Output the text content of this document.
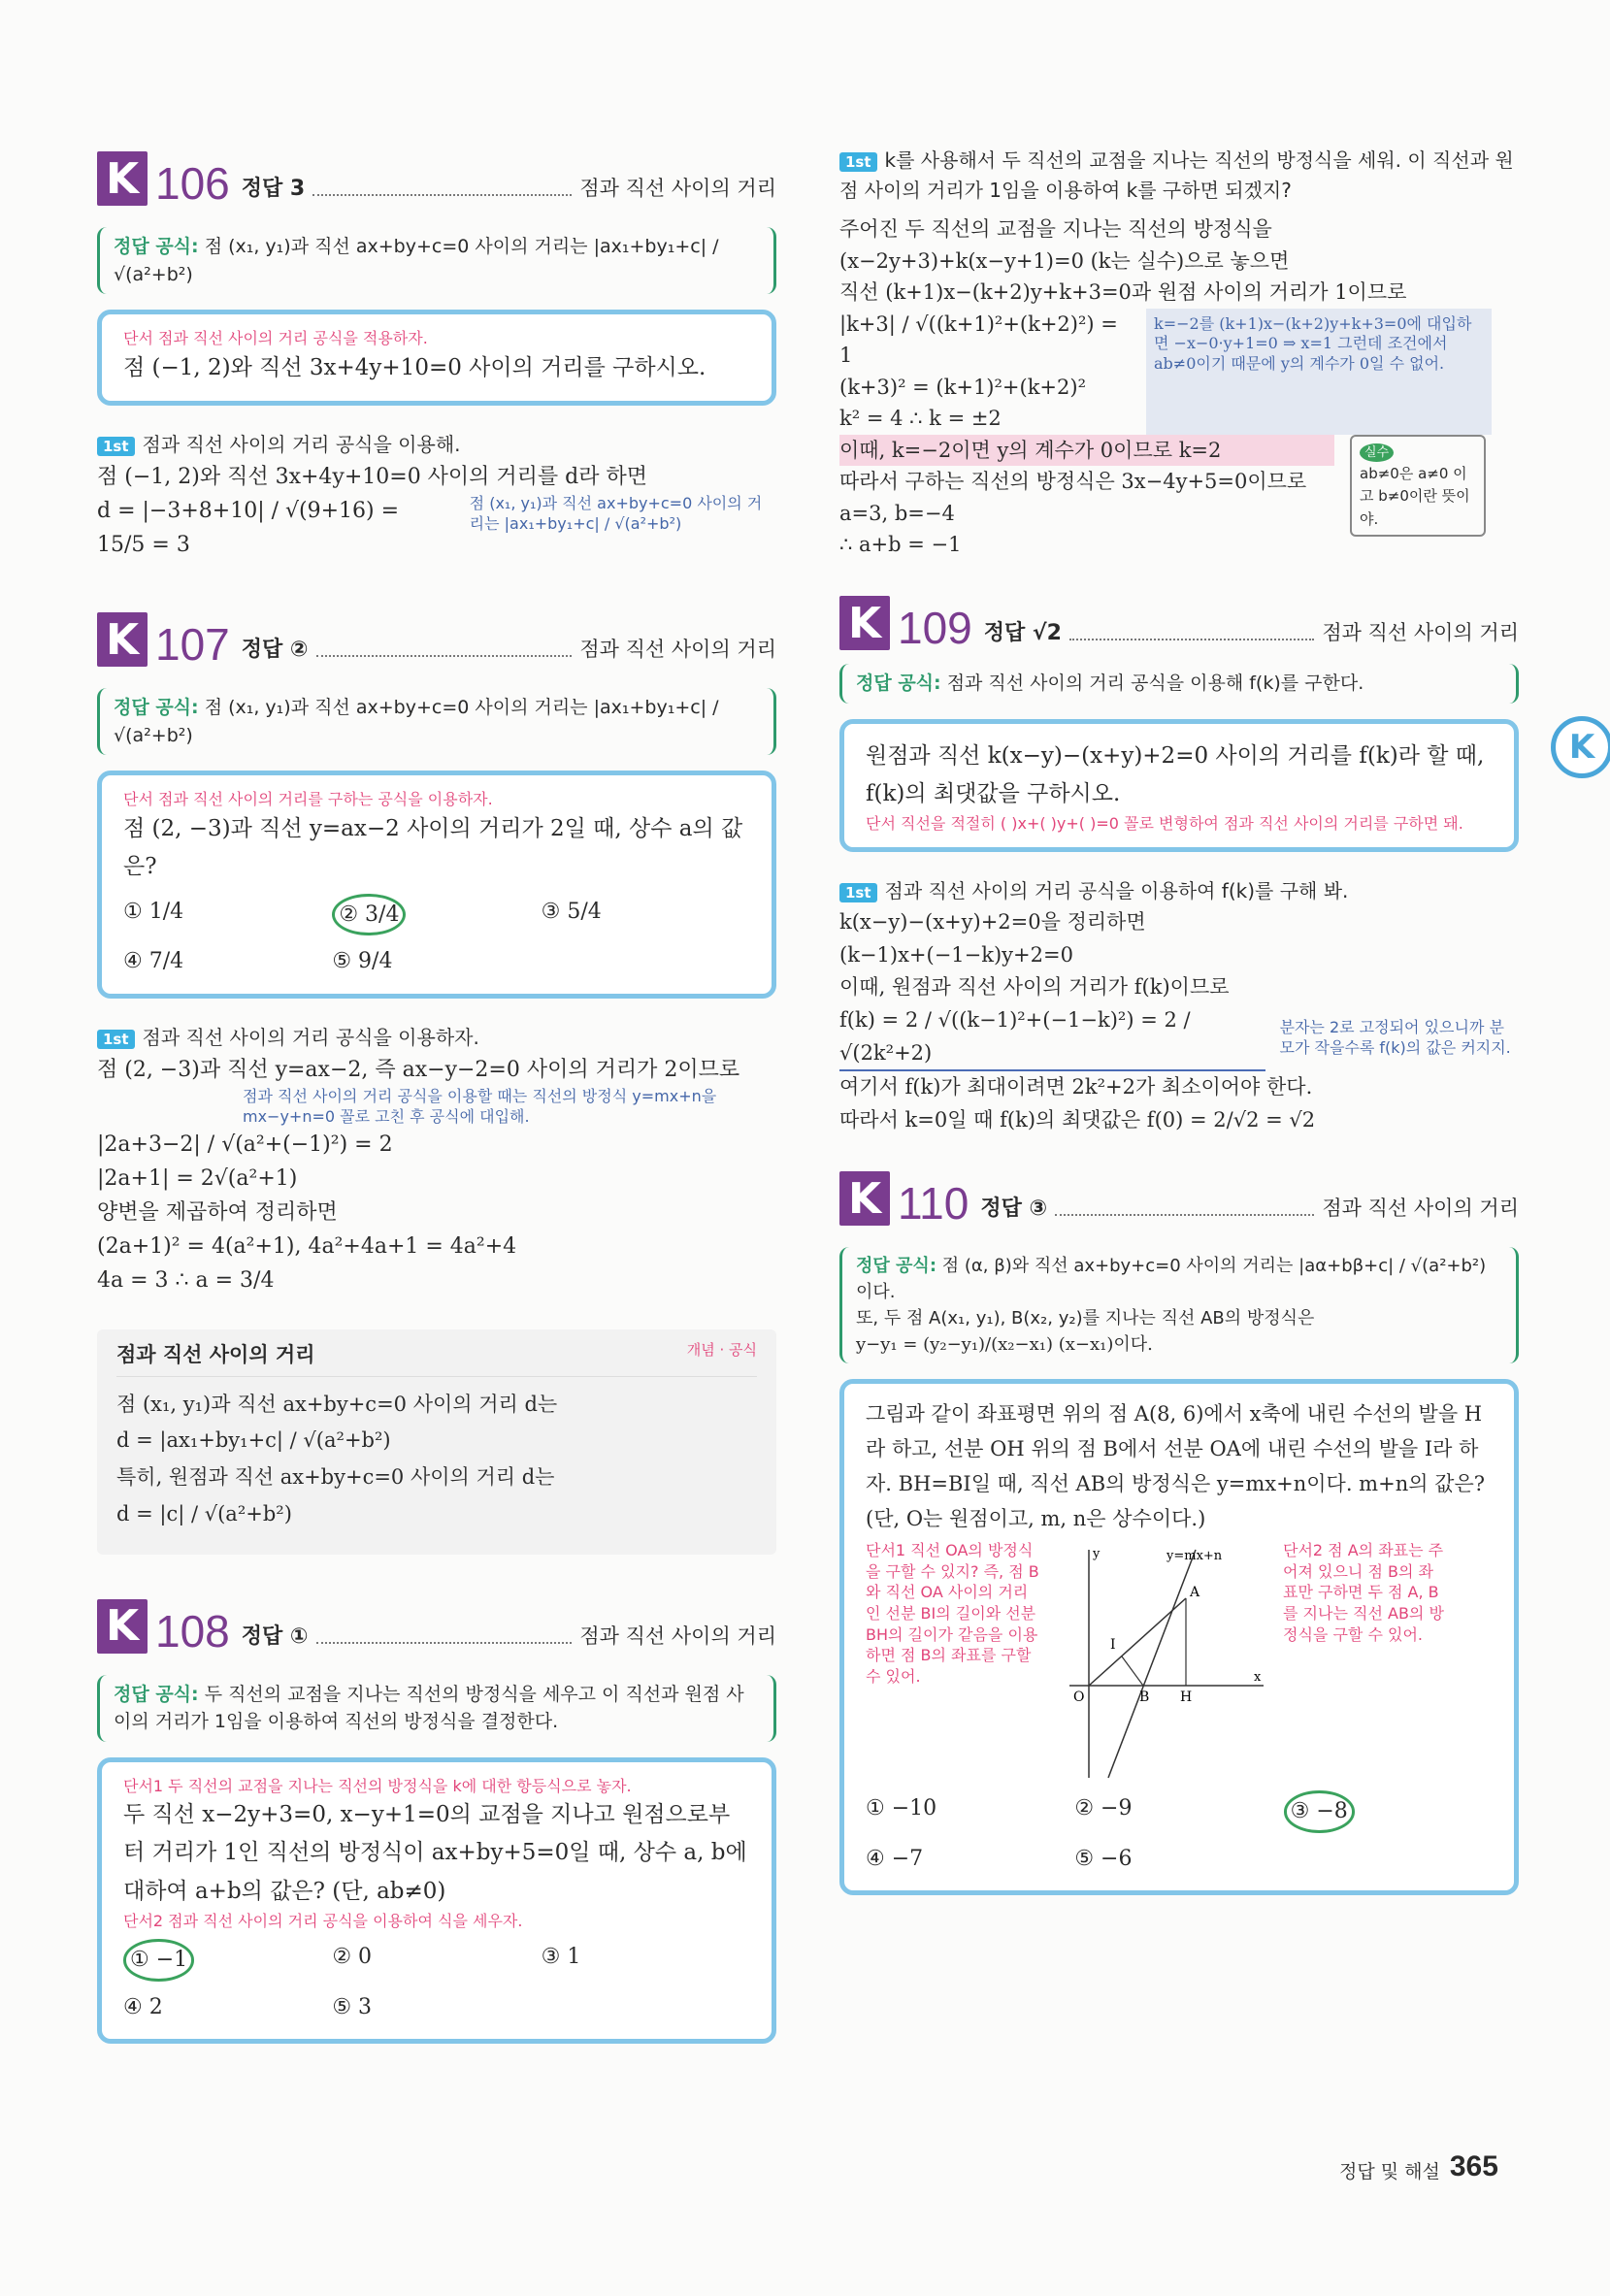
K 106 정답 3	점과 직선 사이의 거리
정답 공식: 점 (x₁, y₁)과 직선 ax+by+c=0 사이의 거리는 |ax₁+by₁+c| / √(a²+b²)
단서 점과 직선 사이의 거리 공식을 적용하자.
점 (−1, 2)와 직선 3x+4y+10=0 사이의 거리를 구하시오.
1st 점과 직선 사이의 거리 공식을 이용해.
점 (−1, 2)와 직선 3x+4y+10=0 사이의 거리를 d라 하면
d = |−3+8+10| / √(9+16) = 15/5 = 3
점 (x₁, y₁)과 직선 ax+by+c=0 사이의 거리는 |ax₁+by₁+c| / √(a²+b²)
K 107 정답 ②	점과 직선 사이의 거리
정답 공식: 점 (x₁, y₁)과 직선 ax+by+c=0 사이의 거리는 |ax₁+by₁+c| / √(a²+b²)
단서 점과 직선 사이의 거리를 구하는 공식을 이용하자.
점 (2, −3)과 직선 y=ax−2 사이의 거리가 2일 때, 상수 a의 값은?
① 1/4	② 3/4	③ 5/4
④ 7/4	⑤ 9/4
1st 점과 직선 사이의 거리 공식을 이용하자.
점 (2, −3)과 직선 y=ax−2, 즉 ax−y−2=0 사이의 거리가 2이므로
점과 직선 사이의 거리 공식을 이용할 때는 직선의 방정식 y=mx+n을 mx−y+n=0 꼴로 고친 후 공식에 대입해.
|2a+3−2| / √(a²+(−1)²) = 2
|2a+1| = 2√(a²+1)
양변을 제곱하여 정리하면
(2a+1)² = 4(a²+1), 4a²+4a+1 = 4a²+4
4a = 3 ∴ a = 3/4
점과 직선 사이의 거리	개념 · 공식
점 (x₁, y₁)과 직선 ax+by+c=0 사이의 거리 d는
d = |ax₁+by₁+c| / √(a²+b²)
특히, 원점과 직선 ax+by+c=0 사이의 거리 d는
d = |c| / √(a²+b²)
K 108 정답 ①	점과 직선 사이의 거리
정답 공식: 두 직선의 교점을 지나는 직선의 방정식을 세우고 이 직선과 원점 사이의 거리가 1임을 이용하여 직선의 방정식을 결정한다.
단서1 두 직선의 교점을 지나는 직선의 방정식을 k에 대한 항등식으로 놓자.
두 직선 x−2y+3=0, x−y+1=0의 교점을 지나고 원점으로부터 거리가 1인 직선의 방정식이 ax+by+5=0일 때, 상수 a, b에 대하여 a+b의 값은? (단, ab≠0)
단서2 점과 직선 사이의 거리 공식을 이용하여 식을 세우자.
① −1	② 0	③ 1
④ 2	⑤ 3
1st k를 사용해서 두 직선의 교점을 지나는 직선의 방정식을 세워. 이 직선과 원점 사이의 거리가 1임을 이용하여 k를 구하면 되겠지?
주어진 두 직선의 교점을 지나는 직선의 방정식을
(x−2y+3)+k(x−y+1)=0 (k는 실수)으로 놓으면
직선 (k+1)x−(k+2)y+k+3=0과 원점 사이의 거리가 1이므로
|k+3| / √((k+1)²+(k+2)²) = 1
(k+3)² = (k+1)²+(k+2)²
k² = 4 ∴ k = ±2
k=−2를 (k+1)x−(k+2)y+k+3=0에 대입하면 −x−0·y+1=0 ⇒ x=1 그런데 조건에서 ab≠0이기 때문에 y의 계수가 0일 수 없어.
이때, k=−2이면 y의 계수가 0이므로 k=2
따라서 구하는 직선의 방정식은 3x−4y+5=0이므로
a=3, b=−4
∴ a+b = −1
실수
ab≠0은 a≠0 이고 b≠0이란 뜻이야.
K 109 정답 √2	점과 직선 사이의 거리
정답 공식: 점과 직선 사이의 거리 공식을 이용해 f(k)를 구한다.
원점과 직선 k(x−y)−(x+y)+2=0 사이의 거리를 f(k)라 할 때, f(k)의 최댓값을 구하시오.
단서 직선을 적절히 ( )x+( )y+( )=0 꼴로 변형하여 점과 직선 사이의 거리를 구하면 돼.
1st 점과 직선 사이의 거리 공식을 이용하여 f(k)를 구해 봐.
k(x−y)−(x+y)+2=0을 정리하면
(k−1)x+(−1−k)y+2=0
이때, 원점과 직선 사이의 거리가 f(k)이므로
f(k) = 2 / √((k−1)²+(−1−k)²) = 2 / √(2k²+2)
분자는 2로 고정되어 있으니까 분모가 작을수록 f(k)의 값은 커지지.
여기서 f(k)가 최대이려면 2k²+2가 최소이어야 한다.
따라서 k=0일 때 f(k)의 최댓값은 f(0) = 2/√2 = √2
K 110 정답 ③	점과 직선 사이의 거리
정답 공식: 점 (α, β)와 직선 ax+by+c=0 사이의 거리는 |aα+bβ+c| / √(a²+b²) 이다.
또, 두 점 A(x₁, y₁), B(x₂, y₂)를 지나는 직선 AB의 방정식은
y−y₁ = (y₂−y₁)/(x₂−x₁) (x−x₁)이다.
그림과 같이 좌표평면 위의 점 A(8, 6)에서 x축에 내린 수선의 발을 H라 하고, 선분 OH 위의 점 B에서 선분 OA에 내린 수선의 발을 I라 하자. BH=BI일 때, 직선 AB의 방정식은 y=mx+n이다. m+n의 값은? (단, O는 원점이고, m, n은 상수이다.)
단서1 직선 OA의 방정식을 구할 수 있지? 즉, 점 B와 직선 OA 사이의 거리인 선분 BI의 길이와 선분 BH의 길이가 같음을 이용하면 점 B의 좌표를 구할 수 있어.
y
x
y=mx+n
A
I
O	B H
단서2 점 A의 좌표는 주어져 있으니 점 B의 좌표만 구하면 두 점 A, B를 지나는 직선 AB의 방정식을 구할 수 있어.
① −10	② −9	③ −8
④ −7	⑤ −6
K
정답 및 해설 365
